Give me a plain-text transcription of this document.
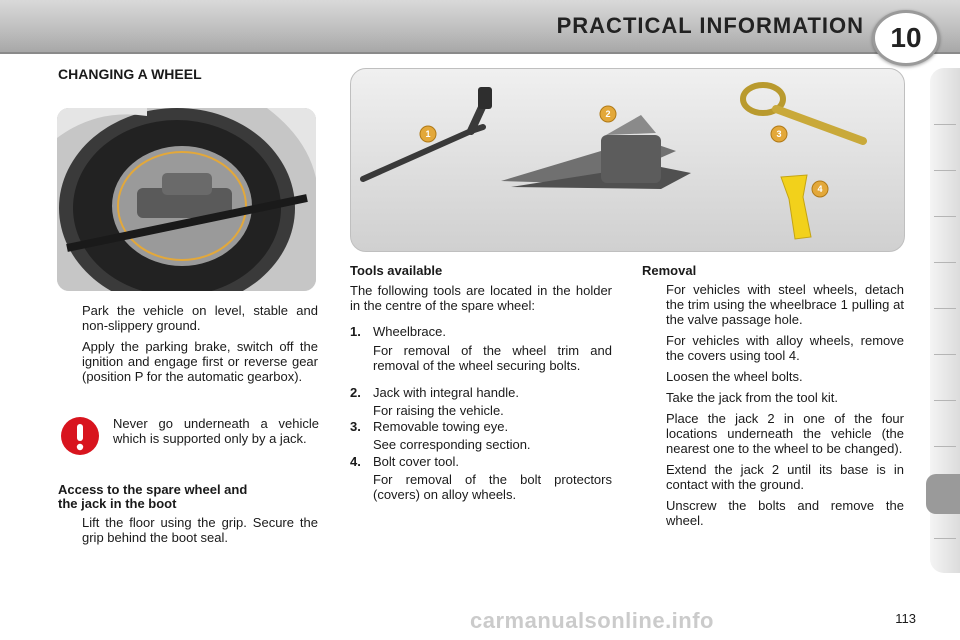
PRACTICAL INFORMATION 10
CHANGING A WHEEL
1
2
3
4
Park the vehicle on level, stable and non-slippery ground.
Apply the parking brake, switch off the ignition and engage first or reverse gear (position P for the automatic gearbox).
Never go underneath a vehicle which is supported only by a jack.
Access to the spare wheel and
the jack in the boot
Lift the floor using the grip. Secure the grip behind the boot seal.
Tools available
The following tools are located in the holder in the centre of the spare wheel:
1. Wheelbrace.
For removal of the wheel trim and removal of the wheel securing bolts.
2. Jack with integral handle.
For raising the vehicle.
3. Removable towing eye.
See corresponding section.
4. Bolt cover tool.
For removal of the bolt protectors (covers) on alloy wheels.
Removal
For vehicles with steel wheels, detach the trim using the wheelbrace 1 pulling at the valve passage hole.
For vehicles with alloy wheels, remove the covers using tool 4.
Loosen the wheel bolts.
Take the jack from the tool kit.
Place the jack 2 in one of the four locations underneath the vehicle (the nearest one to the wheel to be changed).
Extend the jack 2 until its base is in contact with the ground.
Unscrew the bolts and remove the wheel.
113
carmanualsonline.info
